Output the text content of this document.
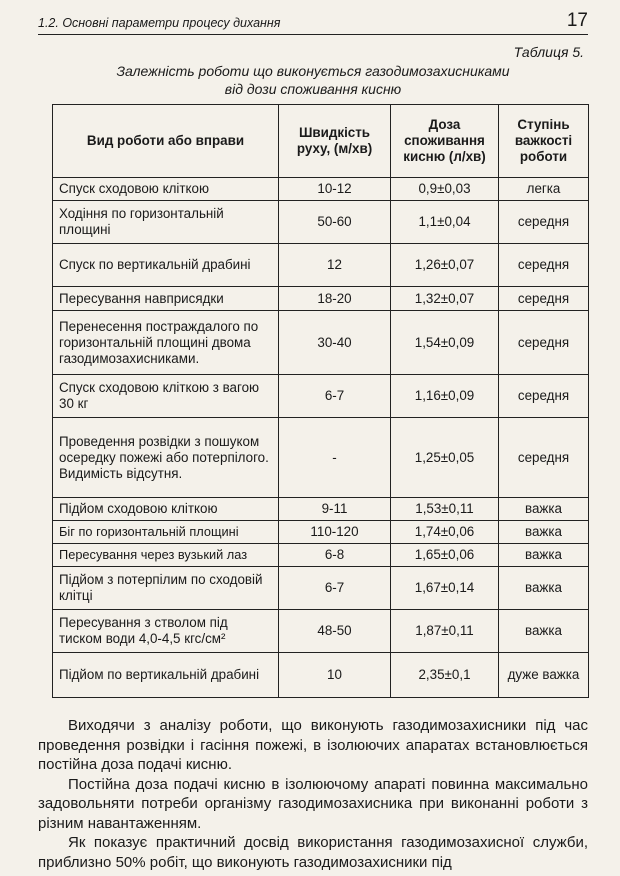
1.2. Основні параметри процесу дихання	17
Таблиця 5.
Залежність роботи що виконується газодимозахисниками
від дози споживання кисню
Вид роботи або вправи	Швидкість руху, (м/хв)	Доза споживання кисню (л/хв)	Ступінь важкості роботи
Спуск сходовою кліткою	10-12	0,9±0,03	легка
Ходіння по горизонтальній площині	50-60	1,1±0,04	середня
Спуск по вертикальній драбині	12	1,26±0,07	середня
Пересування навприсядки	18-20	1,32±0,07	середня
Перенесення постраждалого по горизонтальній площині двома газодимозахисниками.	30-40	1,54±0,09	середня
Спуск сходовою кліткою з вагою 30 кг	6-7	1,16±0,09	середня
Проведення розвідки з пошуком осередку пожежі або потерпілого. Видимість відсутня.	-	1,25±0,05	середня
Підйом сходовою кліткою	9-11	1,53±0,11	важка
Біг по горизонтальній площині	110-120	1,74±0,06	важка
Пересування через вузький лаз	6-8	1,65±0,06	важка
Підйом з потерпілим по сходовій клітці	6-7	1,67±0,14	важка
Пересування з стволом під тиском води 4,0-4,5 кгс/см²	48-50	1,87±0,11	важка
Підйом по вертикальній драбині	10	2,35±0,1	дуже важка

Виходячи з аналізу роботи, що виконують газодимозахисники під час проведення розвідки і гасіння пожежі, в ізолюючих апаратах встановлюється постійна доза подачі кисню.

Постійна доза подачі кисню в ізолюючому апараті повинна максимально задовольняти потреби організму газодимозахисника при виконанні роботи з різним навантаженням.

Як показує практичний досвід використання газодимозахисної служби, приблизно 50% робіт, що виконують газодимозахисники під
